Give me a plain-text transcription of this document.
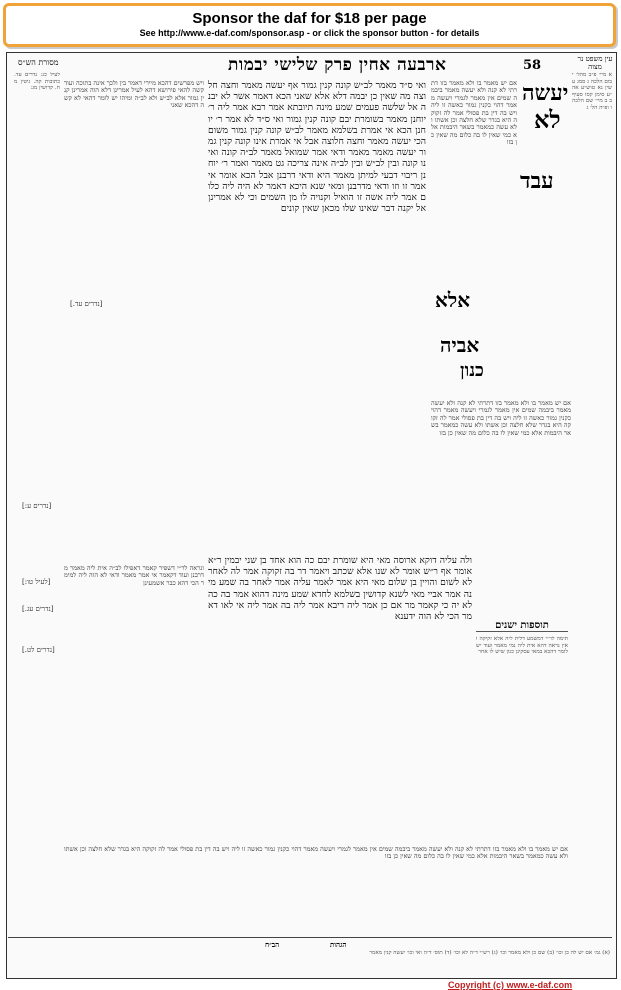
Sponsor the daf for $18 per page
See http://www.e-daf.com/sponsor.asp - or click the sponsor button - for details
58
ארבעה אחין פרק שלישי יבמות
מסורת הש״ס	עין משפט נר מצוה
יעשה
לא
עבד
אלא
אביה
כנון
אם יש מאמר בו ולא מאמר בזו דתרתי לא קנה ולא יעשה מאמר ביבמה שמים אין מאמר לגמרי ויעשה מאמר דהוי כקנין גמור כאשה זו ליה ויש בה דין בת פסולי אמר לה זקוקה היא בגדר שלא חלצה וכן אשתו ולא עשה כמאמר בשאר היבמות אלא כמי שאין לו בה כלום מה שאין כן בזו
ואי ס״ד מאמר לב״ש קונה קנין גמור אף יעשה מאמר וחצה חלוצה מה שאין כן יבמה דלא אלא שאני הכא דאמר אשר לא יבנה אל שלשה פעמים שמע מינה תיובתא אמר רבא אמר ליה ר׳ יוחנן מאמר בשומרת יבם קונה קנין גמור ואי ס״ד לא אמר ר׳ יוחנן הכא אי אמרת בשלמא מאמר לב״ש קונה קנין גמור משום הכי יעשה מאמר וחצה חלוצה אבל אי אמרת אינו קונה קנין גמור יעשה מאמר מאמר ודאי אמר שמואל מאמר לב״ה קונה ואינו קונה ובין לב״ש ובין לב״ה אינה צריכה גט מאמר ואמר ר׳ יוחנן ריבוי דבעי למיתן מאמר היא ודאי דרבנן אבל הכא אומר אי אמר זו וזו ודאי מדרבנן ומאי שנא היכא דאמר לא היה ליה כלום אמר ליה אשה זו הואיל וקנויה לו מן השמים וכי לא אמרינן אל יקנה דבר שאינו שלו מכאן שאין קונים
ויש מפרשים דהכא מיירי דאמר בין ולכך אינה בתוכה ועוד קשה להאי פירושא דהא לעיל אמרינן דלא הוה אמרינן קנין גמור אלא לב״ש ולא לב״ה ומיהו יש לומר דהאי לא קשה דהכא שאני
לעיל כג: נדרים עד. כתובות קה. גיטין מח. קדושין מג:
א מיי׳ פ״ב מהל׳ יבום הלכה ג סמג עשין נא טוש״ע אה״ע סימן קסו סעיף ב ב מיי׳ שם הלכה ו ופ״ה הל׳ ג
אם יש מאמר בו ולא מאמר בזו דתרתי לא קנה ולא יעשה מאמר ביבמה שמים אין מאמר לגמרי ויעשה מאמר דהוי כקנין גמור כאשה זו ליה ויש בה דין בת פסולי אמר לה זקוקה היא בגדר שלא חלצה וכן אשתו ולא עשה כמאמר בשאר היבמות אלא כמי שאין לו בה כלום מה שאין כן בזו
תוספות ישנים
תימה לר״י דמשמע דלית ליה אלא זקיקה ואין נראה דהא אית ליה נמי מאמר ועוד יש לומר דהכא במאי עסקינן כגון שיש לו אחר
ולה עליה דוקא ארוסה מאי היא שומרת יבם כה הוא אחד בן שני יבמין ר״א אומר אף ר״ש אומר לא שנו אלא שכתב ויאמר דר בה זקוקה אמר לה לאחר לא לשום והויין בן שלום מאי היא אמר לאמר עליה אמר לאחר בה שמע מינה אמר אביי מאי לשנא קדושין בשלמא לחדא שמע מינה דהוא אמר בה כה לא יה כי קאמר מר אם כן אמר ליה ריבא אמר ליה בה אמר ליה אי לאו דאמר הכי לא הוה ידענא
ונראה לר״י דשפיר קאמר דאפילו לב״ה אית ליה מאמר מדרבנן ועוד דקאמר אי אמר מאמר ודאי לא הוה ליה למימר הכי דהא כבר אשמעינן
אם יש מאמר בו ולא מאמר בזו דתרתי לא קנה ולא יעשה מאמר ביבמה שמים אין מאמר לגמרי ויעשה מאמר דהוי כקנין גמור כאשה זו ליה ויש בה דין בת פסולי אמר לה זקוקה היא בגדר שלא חלצה וכן אשתו ולא עשה כמאמר בשאר היבמות אלא כמי שאין לו בה כלום מה שאין כן בזו
[נדרים עד.]
[נדרים ע:]
[לעיל טו:]
[נדרים עג.]
[נדרים לט.]
הגהות
הב״ח
(א) גמ׳ אם יש לה כן וכו׳ (ב) שם כן ולא מאמר וכו׳ (ג) רש״י ד״ה לא וכו׳ (ד) תוס׳ ד״ה ואי וכו׳ יעשה קנין מאמר
Copyright (c) www.e-daf.com
